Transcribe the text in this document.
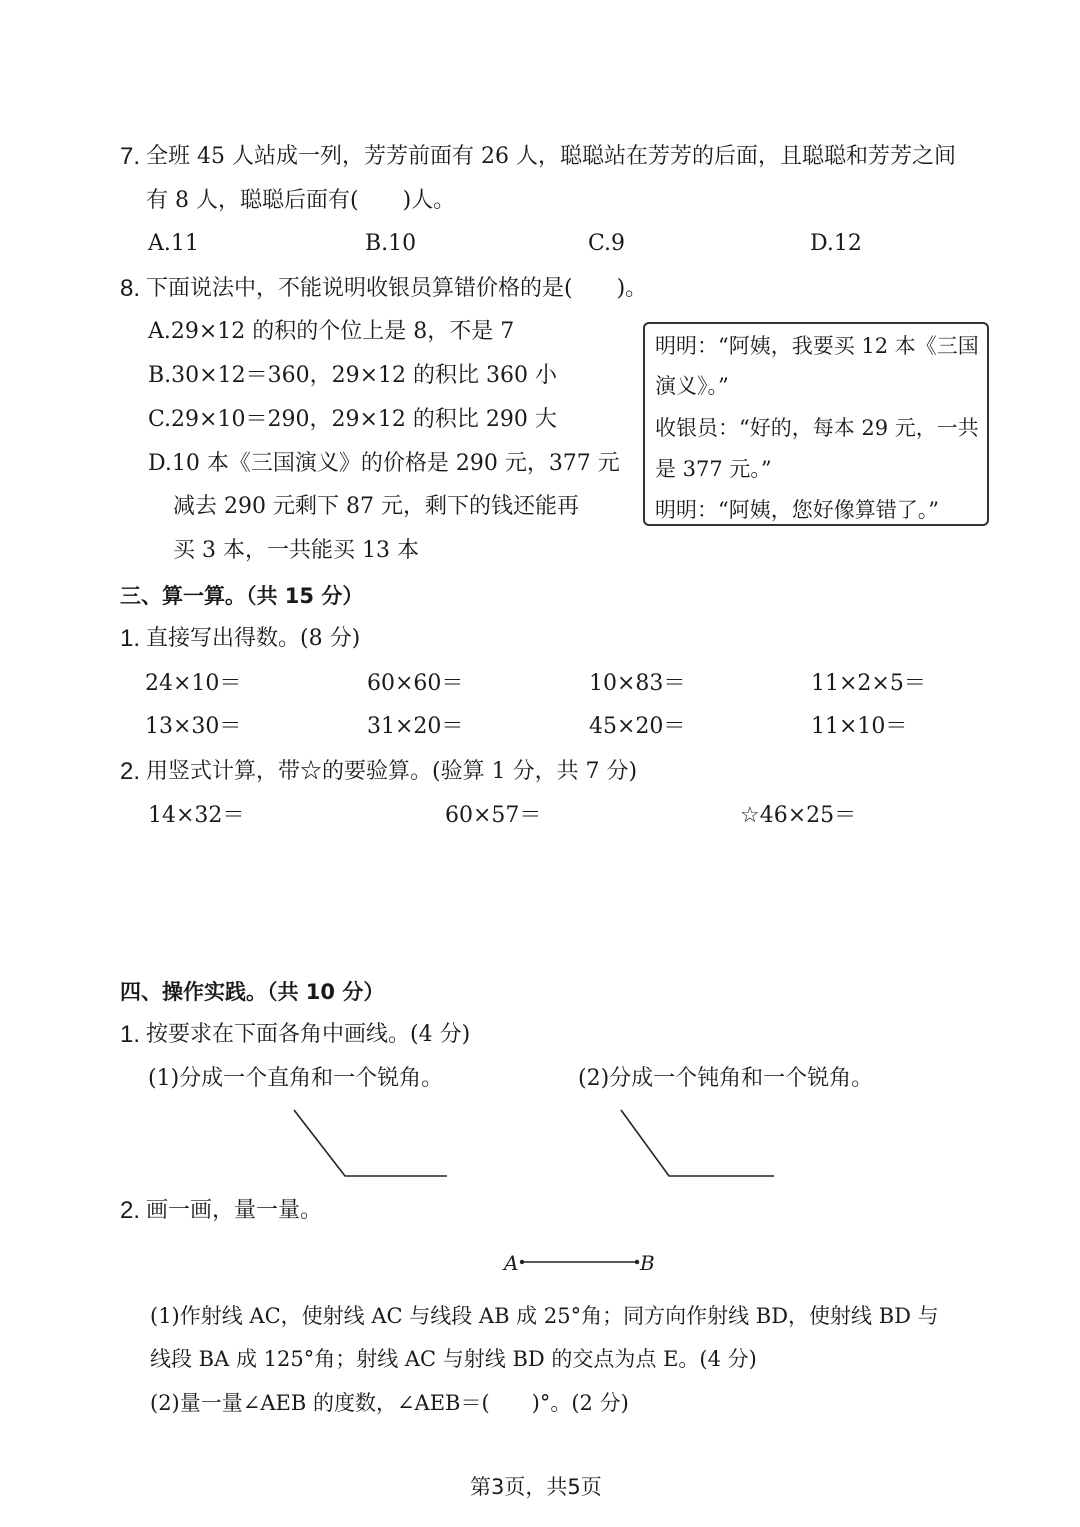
7. 全班 45 人站成一列，芳芳前面有 26 人，聪聪站在芳芳的后面，且聪聪和芳芳之间
有 8 人，聪聪后面有(　　)人。
A.11	B.10	C.9	D.12
8. 下面说法中，不能说明收银员算错价格的是(　　)。
A.29×12 的积的个位上是 8，不是 7
B.30×12＝360，29×12 的积比 360 小
C.29×10＝290，29×12 的积比 290 大
D.10 本《三国演义》的价格是 290 元，377 元
减去 290 元剩下 87 元，剩下的钱还能再
买 3 本，一共能买 13 本
明明：“阿姨，我要买 12 本《三国
演义》。”
收银员：“好的，每本 29 元，一共
是 377 元。”
明明：“阿姨，您好像算错了。”
三、算一算。（共 15 分）
1. 直接写出得数。(8 分)
24×10＝	60×60＝	10×83＝	11×2×5＝
13×30＝	31×20＝	45×20＝	11×10＝
2. 用竖式计算，带☆的要验算。(验算 1 分，共 7 分)
14×32＝	60×57＝	☆46×25＝
四、操作实践。（共 10 分）
1. 按要求在下面各角中画线。(4 分)
(1)分成一个直角和一个锐角。	(2)分成一个钝角和一个锐角。
2. 画一画，量一量。
A	B
(1)作射线 AC，使射线 AC 与线段 AB 成 25°角；同方向作射线 BD，使射线 BD 与
线段 BA 成 125°角；射线 AC 与射线 BD 的交点为点 E。(4 分)
(2)量一量∠AEB 的度数，∠AEB＝(　　)°。(2 分)
第3页，共5页
